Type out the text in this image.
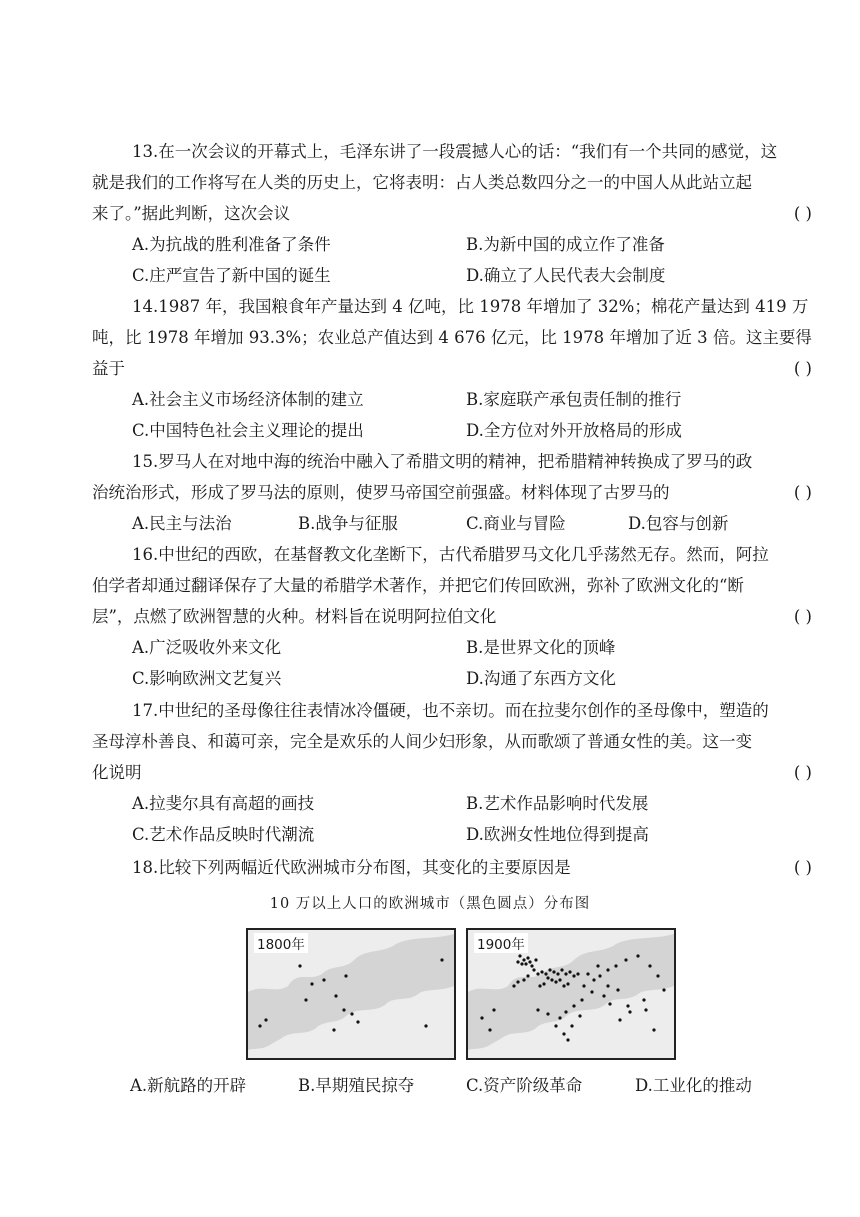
13.在一次会议的开幕式上，毛泽东讲了一段震撼人心的话：“我们有一个共同的感觉，这
就是我们的工作将写在人类的历史上，它将表明：占人类总数四分之一的中国人从此站立起
来了。”据此判断，这次会议	( )
A.为抗战的胜利准备了条件	B.为新中国的成立作了准备
C.庄严宣告了新中国的诞生	D.确立了人民代表大会制度
14.1987 年，我国粮食年产量达到 4 亿吨，比 1978 年增加了 32%；棉花产量达到 419 万
吨，比 1978 年增加 93.3%；农业总产值达到 4 676 亿元，比 1978 年增加了近 3 倍。这主要得
益于	( )
A.社会主义市场经济体制的建立	B.家庭联产承包责任制的推行
C.中国特色社会主义理论的提出	D.全方位对外开放格局的形成
15.罗马人在对地中海的统治中融入了希腊文明的精神，把希腊精神转换成了罗马的政
治统治形式，形成了罗马法的原则，使罗马帝国空前强盛。材料体现了古罗马的	( )
A.民主与法治	B.战争与征服	C.商业与冒险	D.包容与创新
16.中世纪的西欧，在基督教文化垄断下，古代希腊罗马文化几乎荡然无存。然而，阿拉
伯学者却通过翻译保存了大量的希腊学术著作，并把它们传回欧洲，弥补了欧洲文化的“断
层”，点燃了欧洲智慧的火种。材料旨在说明阿拉伯文化	( )
A.广泛吸收外来文化	B.是世界文化的顶峰
C.影响欧洲文艺复兴	D.沟通了东西方文化
17.中世纪的圣母像往往表情冰冷僵硬，也不亲切。而在拉斐尔创作的圣母像中，塑造的
圣母淳朴善良、和蔼可亲，完全是欢乐的人间少妇形象，从而歌颂了普通女性的美。这一变
化说明	( )
A.拉斐尔具有高超的画技	B.艺术作品影响时代发展
C.艺术作品反映时代潮流	D.欧洲女性地位得到提高
18.比较下列两幅近代欧洲城市分布图，其变化的主要原因是	( )
10 万以上人口的欧洲城市（黑色圆点）分布图
1800年	1900年
A.新航路的开辟	B.早期殖民掠夺	C.资产阶级革命	D.工业化的推动
